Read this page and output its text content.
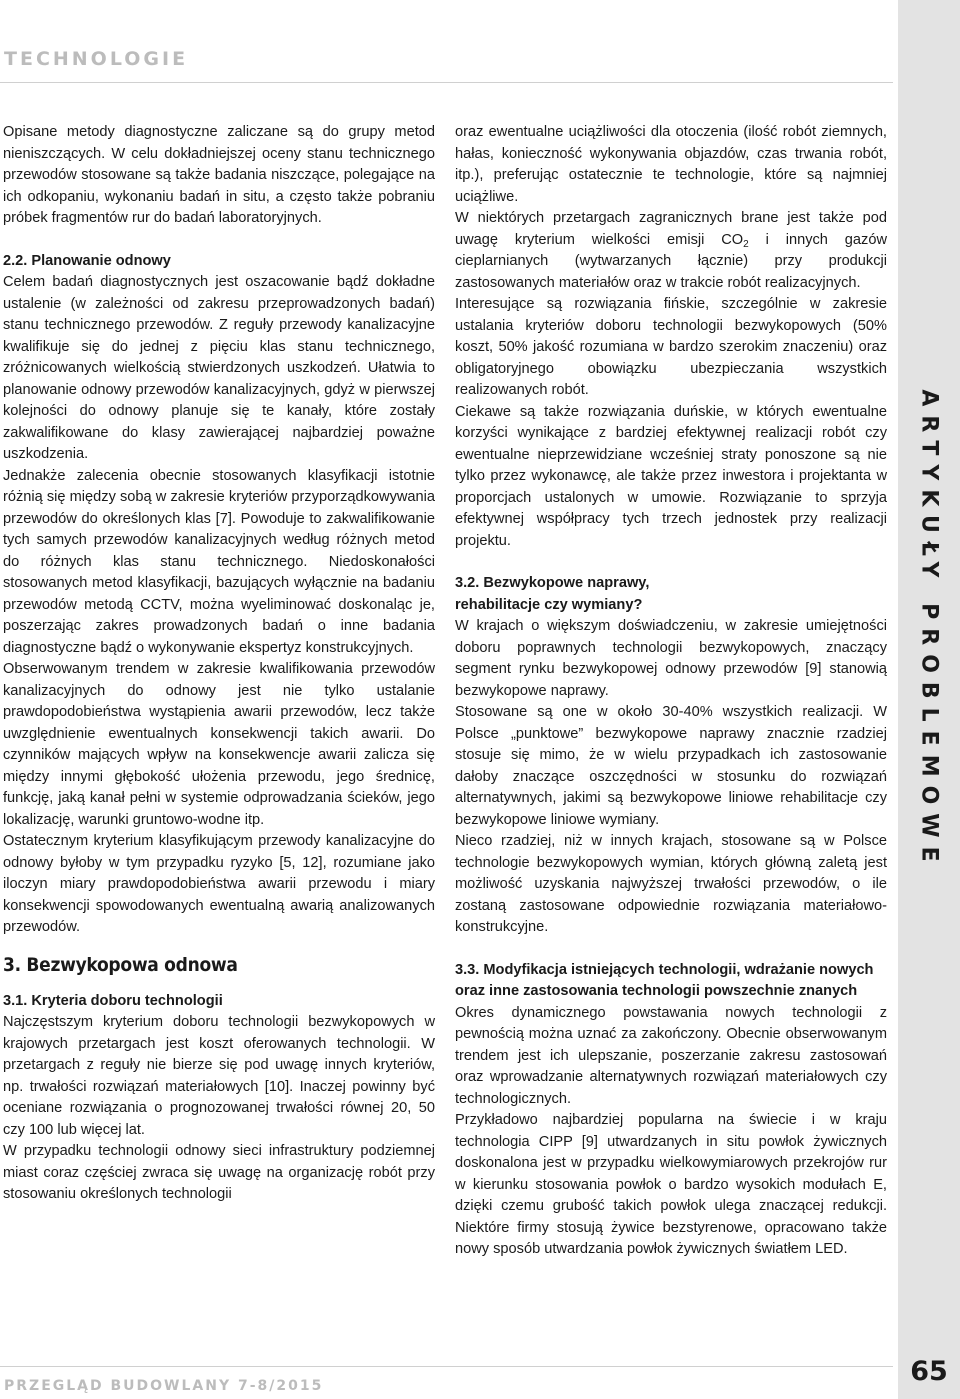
TECHNOLOGIE
ARTYKUŁY PROBLEMOWE
65

Opisane metody diagnostyczne zaliczane są do grupy metod nieniszczących. W celu dokładniejszej oceny stanu technicznego przewodów stosowane są także badania niszczące, polegające na ich odkopaniu, wykonaniu badań in situ, a często także pobraniu próbek fragmentów rur do badań laboratoryjnych.

2.2. Planowanie odnowy

Celem badań diagnostycznych jest oszacowanie bądź dokładne ustalenie (w zależności od zakresu przeprowadzonych badań) stanu technicznego przewodów. Z reguły przewody kanalizacyjne kwalifikuje się do jednej z pięciu klas stanu technicznego, zróżnicowanych wielkością stwierdzonych uszkodzeń. Ułatwia to planowanie odnowy przewodów kanalizacyjnych, gdyż w pierwszej kolejności do odnowy planuje się te kanały, które zostały zakwalifikowane do klasy zawierającej najbardziej poważne uszkodzenia.

Jednakże zalecenia obecnie stosowanych klasyfikacji istotnie różnią się między sobą w zakresie kryteriów przyporządkowywania przewodów do określonych klas [7]. Powoduje to zakwalifikowanie tych samych przewodów kanalizacyjnych według różnych metod do różnych klas stanu technicznego. Niedoskonałości stosowanych metod klasyfikacji, bazujących wyłącznie na badaniu przewodów metodą CCTV, można wyeliminować doskonaląc je, poszerzając zakres prowadzonych badań o inne badania diagnostyczne bądź o wykonywanie ekspertyz konstrukcyjnych.

Obserwowanym trendem w zakresie kwalifikowania przewodów kanalizacyjnych do odnowy jest nie tylko ustalanie prawdopodobieństwa wystąpienia awarii przewodów, lecz także uwzględnienie ewentualnych konsekwencji takich awarii. Do czynników mających wpływ na konsekwencje awarii zalicza się między innymi głębokość ułożenia przewodu, jego średnicę, funkcję, jaką kanał pełni w systemie odprowadzania ścieków, jego lokalizację, warunki gruntowo-wodne itp.

Ostatecznym kryterium klasyfikującym przewody kanalizacyjne do odnowy byłoby w tym przypadku ryzyko [5, 12], rozumiane jako iloczyn miary prawdopodobieństwa awarii przewodu i miary konsekwencji spowodowanych ewentualną awarią analizowanych przewodów.

3. Bezwykopowa odnowa
3.1. Kryteria doboru technologii

Najczęstszym kryterium doboru technologii bezwykopowych w krajowych przetargach jest koszt oferowanych technologii. W przetargach z reguły nie bierze się pod uwagę innych kryteriów, np. trwałości rozwiązań materiałowych [10]. Inaczej powinny być oceniane rozwiązania o prognozowanej trwałości równej 20, 50 czy 100 lub więcej lat.

W przypadku technologii odnowy sieci infrastruktury podziemnej miast coraz częściej zwraca się uwagę na organizację robót przy stosowaniu określonych technologii

oraz ewentualne uciążliwości dla otoczenia (ilość robót ziemnych, hałas, konieczność wykonywania objazdów, czas trwania robót, itp.), preferując ostatecznie te technologie, które są najmniej uciążliwe.

W niektórych przetargach zagranicznych brane jest także pod uwagę kryterium wielkości emisji $CO_2$ i innych gazów cieplarnianych (wytwarzanych łącznie) przy produkcji zastosowanych materiałów oraz w trakcie robót realizacyjnych.

Interesujące są rozwiązania fińskie, szczególnie w zakresie ustalania kryteriów doboru technologii bezwykopowych (50% koszt, 50% jakość rozumiana w bardzo szerokim znaczeniu) oraz obligatoryjnego obowiązku ubezpieczania wszystkich realizowanych robót.

Ciekawe są także rozwiązania duńskie, w których ewentualne korzyści wynikające z bardziej efektywnej realizacji robót czy ewentualne nieprzewidziane wcześniej straty ponoszone są nie tylko przez wykonawcę, ale także przez inwestora i projektanta w proporcjach ustalonych w umowie. Rozwiązanie to sprzyja efektywnej współpracy tych trzech jednostek przy realizacji projektu.

3.2. Bezwykopowe naprawy,
rehabilitacje czy wymiany?

W krajach o większym doświadczeniu, w zakresie umiejętności doboru poprawnych technologii bezwykopowych, znaczący segment rynku bezwykopowej odnowy przewodów [9] stanowią bezwykopowe naprawy.

Stosowane są one w około 30-40% wszystkich realizacji. W Polsce „punktowe” bezwykopowe naprawy znacznie rzadziej stosuje się mimo, że w wielu przypadkach ich zastosowanie dałoby znaczące oszczędności w stosunku do rozwiązań alternatywnych, jakimi są bezwykopowe liniowe rehabilitacje czy bezwykopowe liniowe wymiany.

Nieco rzadziej, niż w innych krajach, stosowane są w Polsce technologie bezwykopowych wymian, których główną zaletą jest możliwość uzyskania najwyższej trwałości przewodów, o ile zostaną zastosowane odpowiednie rozwiązania materiałowo-konstrukcyjne.

3.3. Modyfikacja istniejących technologii, wdrażanie nowych oraz inne zastosowania technologii powszechnie znanych

Okres dynamicznego powstawania nowych technologii z pewnością można uznać za zakończony. Obecnie obserwowanym trendem jest ich ulepszanie, poszerzanie zakresu zastosowań oraz wprowadzanie alternatywnych rozwiązań materiałowych czy technologicznych.

Przykładowo najbardziej popularna na świecie i w kraju technologia CIPP [9] utwardzanych in situ powłok żywicznych doskonalona jest w przypadku wielkowymiarowych przekrojów rur w kierunku stosowania powłok o bardzo wysokich modułach E, dzięki czemu grubość takich powłok ulega znaczącej redukcji. Niektóre firmy stosują żywice bezstyrenowe, opracowano także nowy sposób utwardzania powłok żywicznych światłem LED.

PRZEGLĄD BUDOWLANY 7-8/2015
